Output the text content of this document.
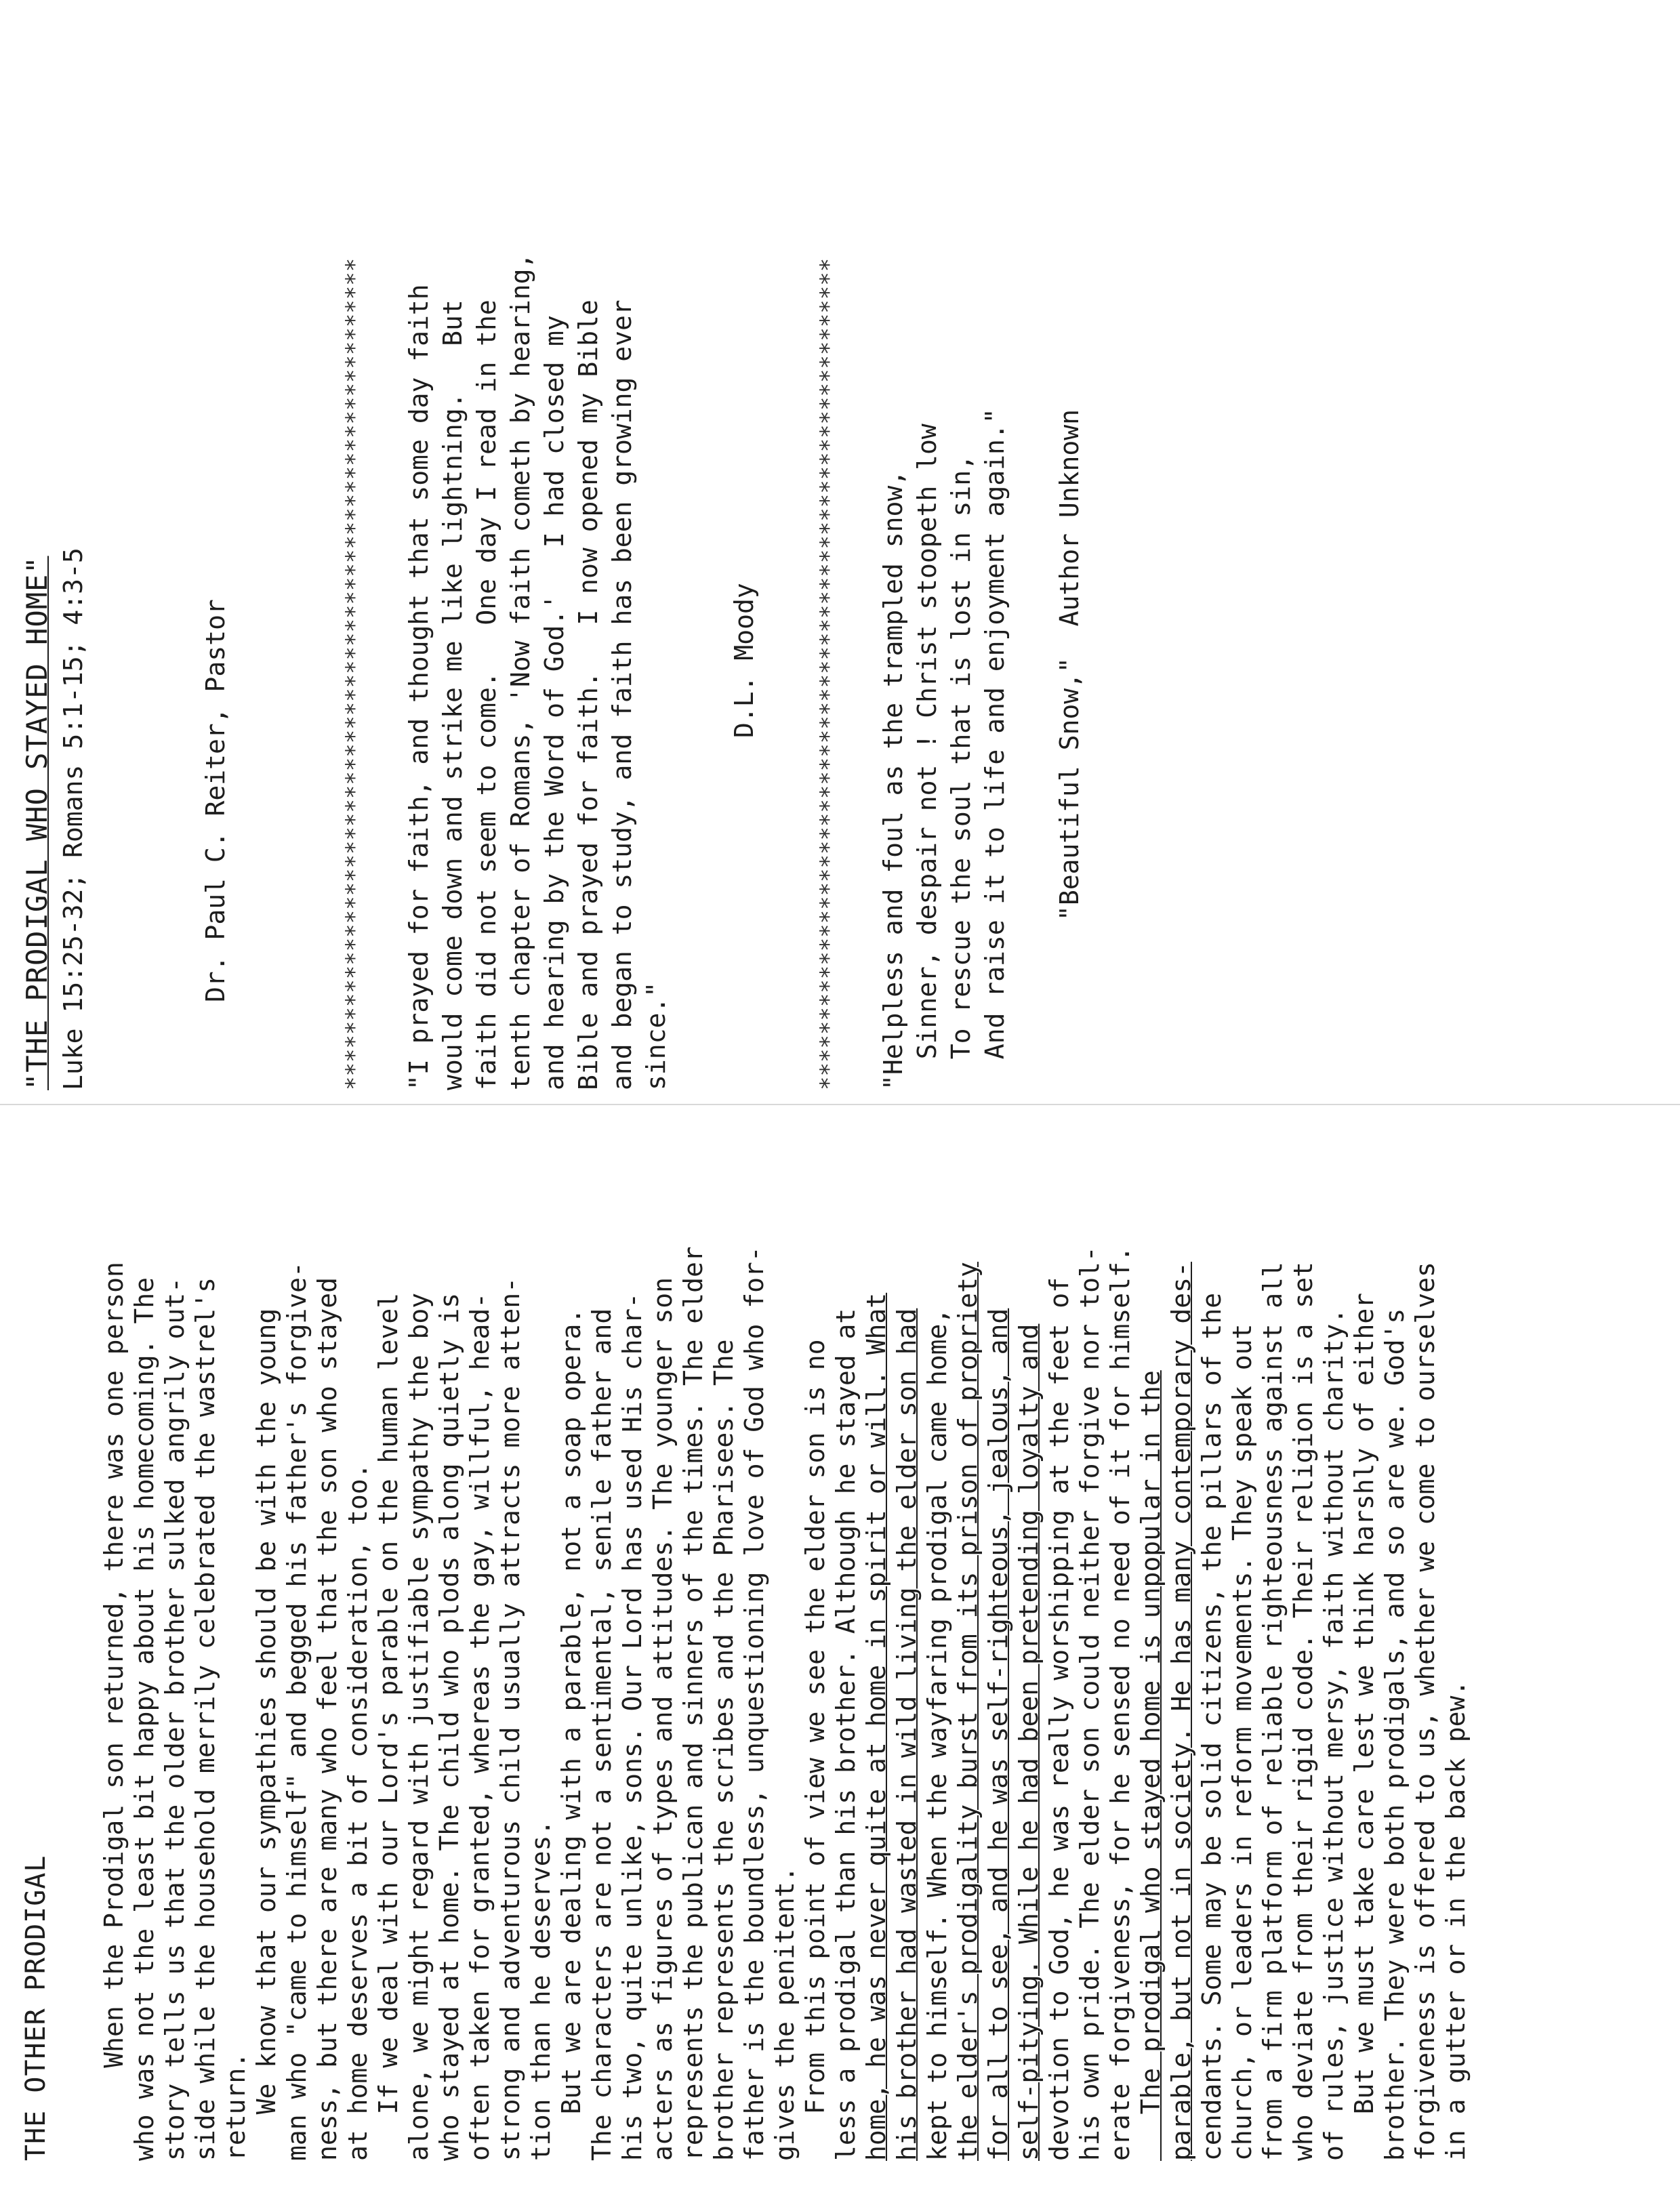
"THE PRODIGAL WHO STAYED HOME" Luke 15:25-32; Romans 5:1-15; 4:3-5	Dr. Paul C. Reiter, Pastor	************************************************************ "I prayed for faith, and thought that some day faith would come down and strike me like lightning.   But faith did not seem to come.   One day I read in the tenth chapter of Romans, 'Now faith cometh by hearing, and hearing by the Word of God.'   I had closed my Bible and prayed for faith.   I now opened my Bible and began to study, and faith has been growing ever since."

D.L. Moody ************************************************************ "Helpless and foul as the trampled snow, Sinner, despair not ! Christ stoopeth low To rescue the soul that is lost in sin, And raise it to life and enjoyment again." "Beautiful Snow,"  Author Unknown

THE OTHER PRODIGAL When the Prodigal son returned, there was one person who was not the least bit happy about his homecoming. The story tells us that the older brother sulked angrily out- side while the household merrily celebrated the wastrel's return. We know that our sympathies should be with the young man who "came to himself" and begged his father's forgive- ness, but there are many who feel that the son who stayed at home deserves a bit of consideration, too. If we deal with our Lord's parable on the human level alone, we might regard with justifiable sympathy the boy who stayed at home. The child who plods along quietly is often taken for granted, whereas the gay, willful, head- strong and adventurous child usually attracts more atten- tion than he deserves. But we are dealing with a parable, not a soap opera. The characters are not a sentimental, senile father and his two, quite unlike, sons. Our Lord has used His char- acters as figures of types and attitudes. The younger son represents the publican and sinners of the times. The elder brother represents the scribes and the Pharisees. The father is the boundless, unquestioning love of God who for- gives the penitent. From this point of view we see the elder son is no less a prodigal than his brother. Although he stayed at home, he was never quite at home in spirit or will. What his brother had wasted in wild living the elder son had kept to himself. When the wayfaring prodigal came home, the elder's prodigality burst from its prison of propriety for all to see, and he was self-righteous, jealous, and self-pitying. While he had been pretending loyalty and devotion to God, he was really worshipping at the feet of his own pride. The elder son could neither forgive nor tol- erate forgiveness, for he sensed no need of it for himself. The prodigal who stayed home is unpopular in the parable, but not in society. He has many contemporary des- cendants. Some may be solid citizens, the pillars of the church, or leaders in reform movements. They speak out from a firm platform of reliable righteousness against all who deviate from their rigid code. Their religion is a set of rules, justice without mersy, faith without charity. But we must take care lest we think harshly of either brother. They were both prodigals, and so are we. God's forgiveness is offered to us, whether we come to ourselves in a gutter or in the back pew.
